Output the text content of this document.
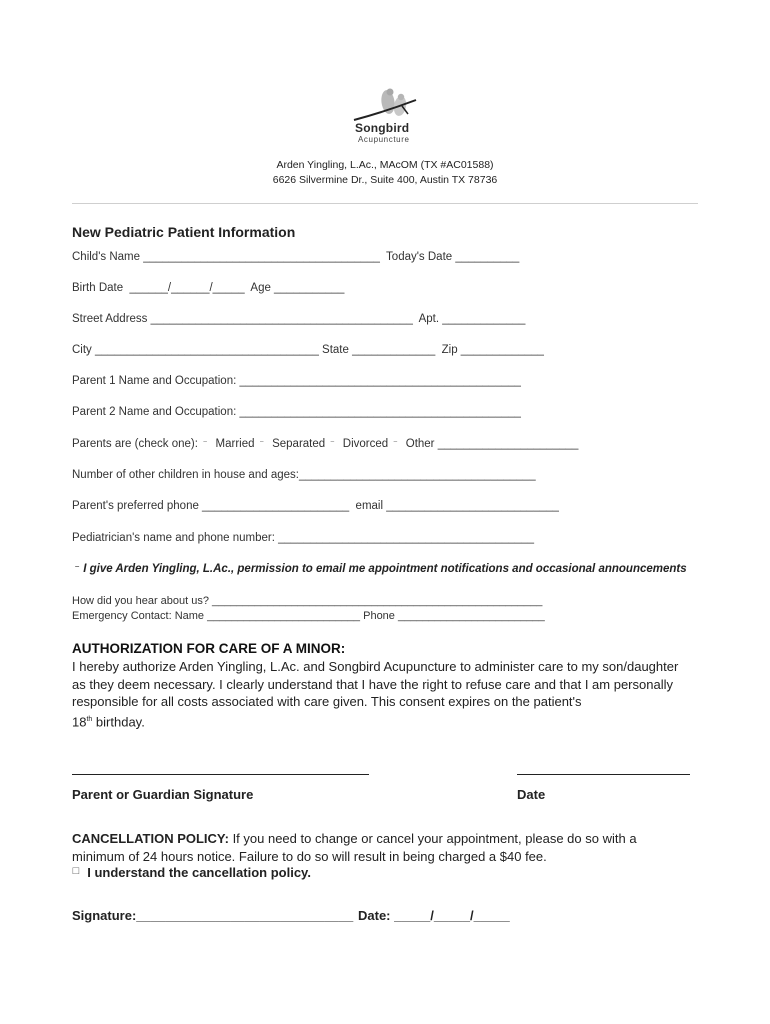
Songbird
Acupuncture
Arden Yingling, L.Ac., MAcOM (TX #AC01588)
6626 Silvermine Dr., Suite 400, Austin TX 78736
New Pediatric Patient Information
Child's Name _____________________________________  Today's Date __________
Birth Date  ______/______/_____  Age ___________
Street Address _________________________________________  Apt. _____________
City ___________________________________ State _____________  Zip _____________
Parent 1 Name and Occupation: ____________________________________________
Parent 2 Name and Occupation: ____________________________________________
Parents are (check one): ⁻ Married ⁻ Separated ⁻ Divorced ⁻ Other ______________________
Number of other children in house and ages:_____________________________________
Parent's preferred phone _______________________  email ___________________________
Pediatrician's name and phone number: ________________________________________
⁻ I give Arden Yingling, L.Ac., permission to email me appointment notifications and occasional announcements
How did you hear about us? ______________________________________________________
Emergency Contact: Name _________________________ Phone ________________________
AUTHORIZATION FOR CARE OF A MINOR:
I hereby authorize Arden Yingling, L.Ac. and Songbird Acupuncture to administer care to my son/daughter as they deem necessary. I clearly understand that I have the right to refuse care and that I am personally responsible for all costs associated with care given. This consent expires on the patient's
18th birthday.
Parent or Guardian Signature	Date
CANCELLATION POLICY: If you need to change or cancel your appointment, please do so with a minimum of 24 hours notice. Failure to do so will result in being charged a $40 fee.
□ I understand the cancellation policy.
Signature:______________________________ Date: _____/_____/_____
